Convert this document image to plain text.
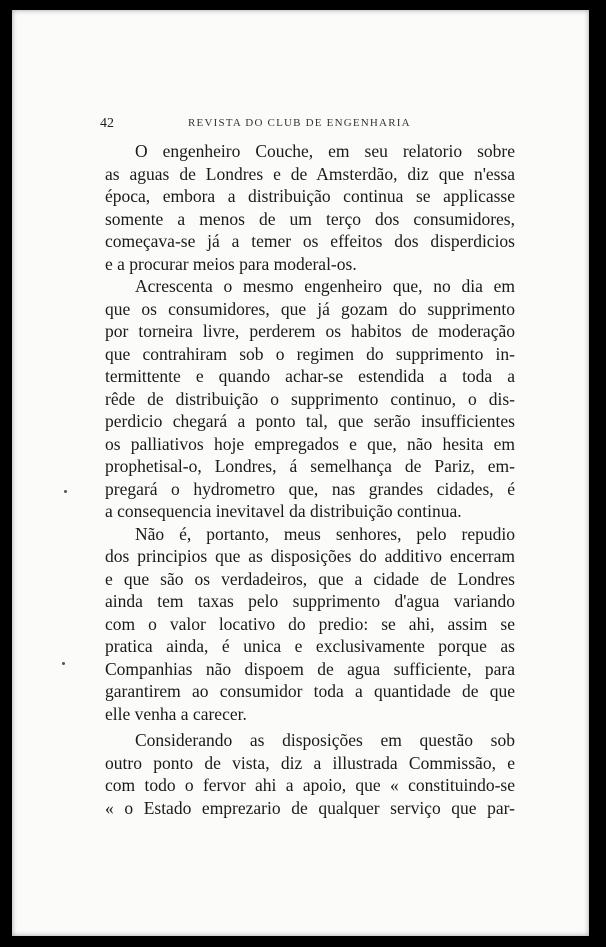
42	REVISTA DO CLUB DE ENGENHARIA
O engenheiro Couche, em seu relatorio sobre
as aguas de Londres e de Amsterdão, diz que n'essa
época, embora a distribuição continua se applicasse
somente a menos de um terço dos consumidores,
começava-se já a temer os effeitos dos disperdicios
e a procurar meios para moderal-os.
Acrescenta o mesmo engenheiro que, no dia em
que os consumidores, que já gozam do supprimento
por torneira livre, perderem os habitos de moderação
que contrahiram sob o regimen do supprimento in-
termittente e quando achar-se estendida a toda a
rêde de distribuição o supprimento continuo, o dis-
perdicio chegará a ponto tal, que serão insufficientes
os palliativos hoje empregados e que, não hesita em
prophetisal-o, Londres, á semelhança de Pariz, em-
pregará o hydrometro que, nas grandes cidades, é
a consequencia inevitavel da distribuição continua.
Não é, portanto, meus senhores, pelo repudio
dos principios que as disposições do additivo encerram
e que são os verdadeiros, que a cidade de Londres
ainda tem taxas pelo supprimento d'agua variando
com o valor locativo do predio: se ahi, assim se
pratica ainda, é unica e exclusivamente porque as
Companhias não dispoem de agua sufficiente, para
garantirem ao consumidor toda a quantidade de que
elle venha a carecer.
Considerando as disposições em questão sob
outro ponto de vista, diz a illustrada Commissão, e
com todo o fervor ahi a apoio, que « constituindo-se
« o Estado emprezario de qualquer serviço que par-
